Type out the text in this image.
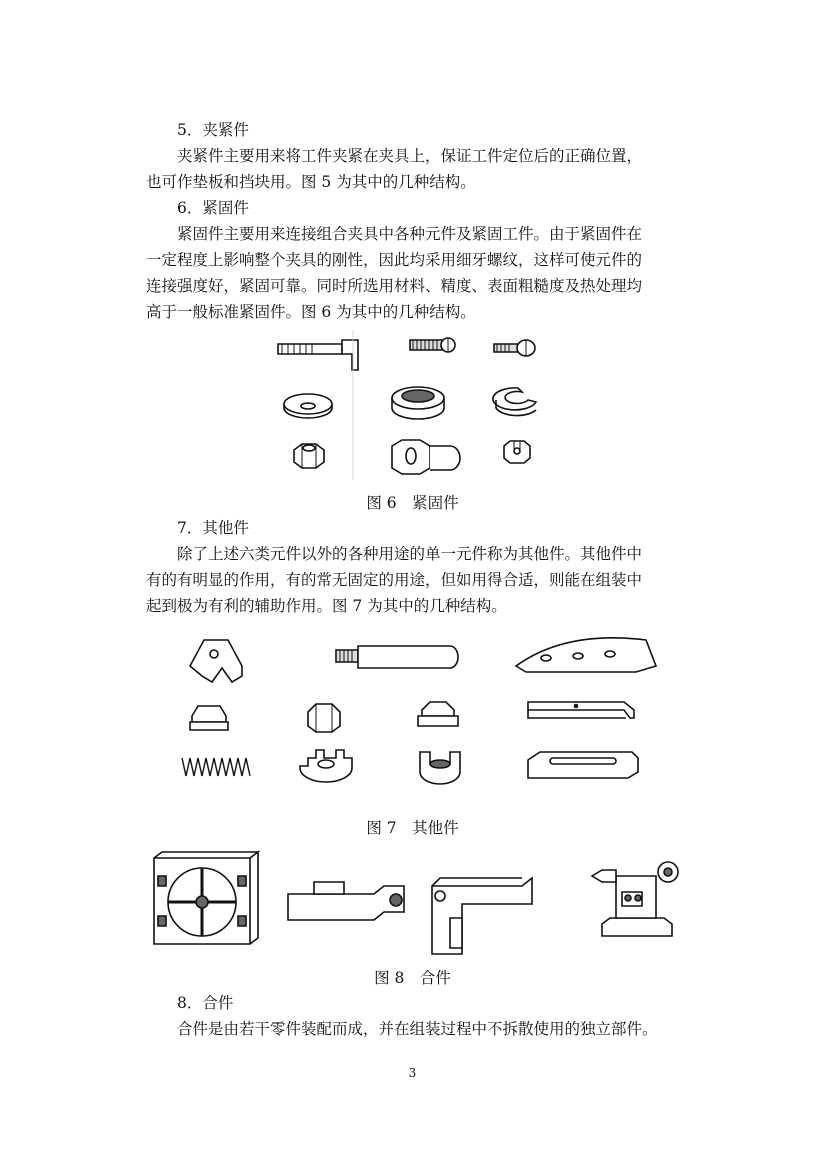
5．夹紧件

夹紧件主要用来将工件夹紧在夹具上，保证工件定位后的正确位置，

也可作垫板和挡块用。图 5 为其中的几种结构。

6．紧固件

紧固件主要用来连接组合夹具中各种元件及紧固工件。由于紧固件在

一定程度上影响整个夹具的刚性，因此均采用细牙螺纹，这样可使元件的

连接强度好，紧固可靠。同时所选用材料、精度、表面粗糙度及热处理均

高于一般标准紧固件。图 6 为其中的几种结构。

图 6　紧固件

7．其他件

除了上述六类元件以外的各种用途的单一元件称为其他件。其他件中

有的有明显的作用，有的常无固定的用途，但如用得合适，则能在组装中

起到极为有利的辅助作用。图 7 为其中的几种结构。

图 7　其他件
图 8　合件

8．合件

合件是由若干零件装配而成，并在组装过程中不拆散使用的独立部件。

3
